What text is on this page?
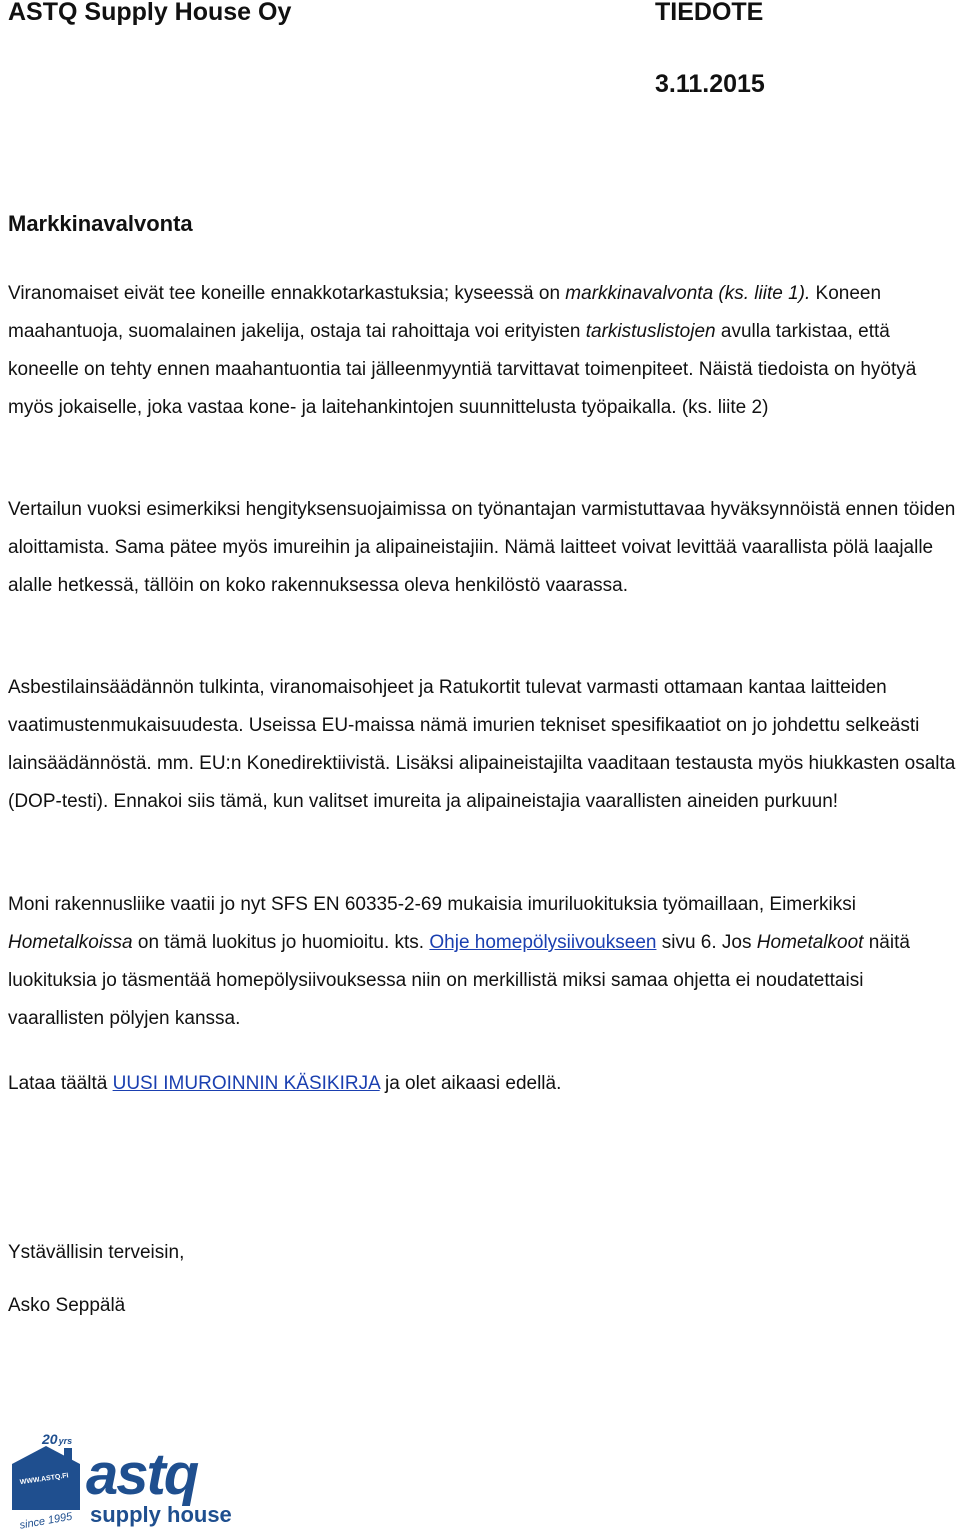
ASTQ Supply House Oy	TIEDOTE
3.11.2015
Markkinavalvonta

Viranomaiset eivät tee koneille ennakkotarkastuksia; kyseessä on markkinavalvonta (ks. liite 1). Koneen maahantuoja, suomalainen jakelija, ostaja tai rahoittaja voi erityisten tarkistuslistojen avulla tarkistaa, että koneelle on tehty ennen maahantuontia tai jälleenmyyntiä tarvittavat toimenpiteet. Näistä tiedoista on hyötyä myös jokaiselle, joka vastaa kone- ja laitehankintojen suunnittelusta työpaikalla. (ks. liite 2)

Vertailun vuoksi esimerkiksi hengityksensuojaimissa on työnantajan varmistuttavaa hyväksynnöistä ennen töiden aloittamista. Sama pätee myös imureihin ja alipaineistajiin. Nämä laitteet voivat levittää vaarallista pölä laajalle alalle hetkessä, tällöin on koko rakennuksessa oleva henkilöstö vaarassa.

Asbestilainsäädännön tulkinta, viranomaisohjeet ja Ratukortit tulevat varmasti ottamaan kantaa laitteiden vaatimustenmukaisuudesta. Useissa EU-maissa nämä imurien tekniset spesifikaatiot on jo johdettu selkeästi lainsäädännöstä. mm. EU:n Konedirektiivistä. Lisäksi alipaineistajilta vaaditaan testausta myös hiukkasten osalta (DOP-testi). Ennakoi siis tämä, kun valitset imureita ja alipaineistajia vaarallisten aineiden purkuun!

Moni rakennusliike vaatii jo nyt SFS EN 60335-2-69 mukaisia imuriluokituksia työmaillaan, Eimerkiksi Hometalkoissa on tämä luokitus jo huomioitu. kts. Ohje homepölysiivoukseen sivu 6. Jos Hometalkoot näitä luokituksia jo täsmentää homepölysiivouksessa niin on merkillistä miksi samaa ohjetta ei noudatettaisi vaarallisten pölyjen kanssa.

Lataa täältä UUSI IMUROINNIN KÄSIKIRJA ja olet aikaasi edellä.

Ystävällisin terveisin,
Asko Seppälä
20yrs
WWW.ASTQ.FI
since 1995
astq
supply house
